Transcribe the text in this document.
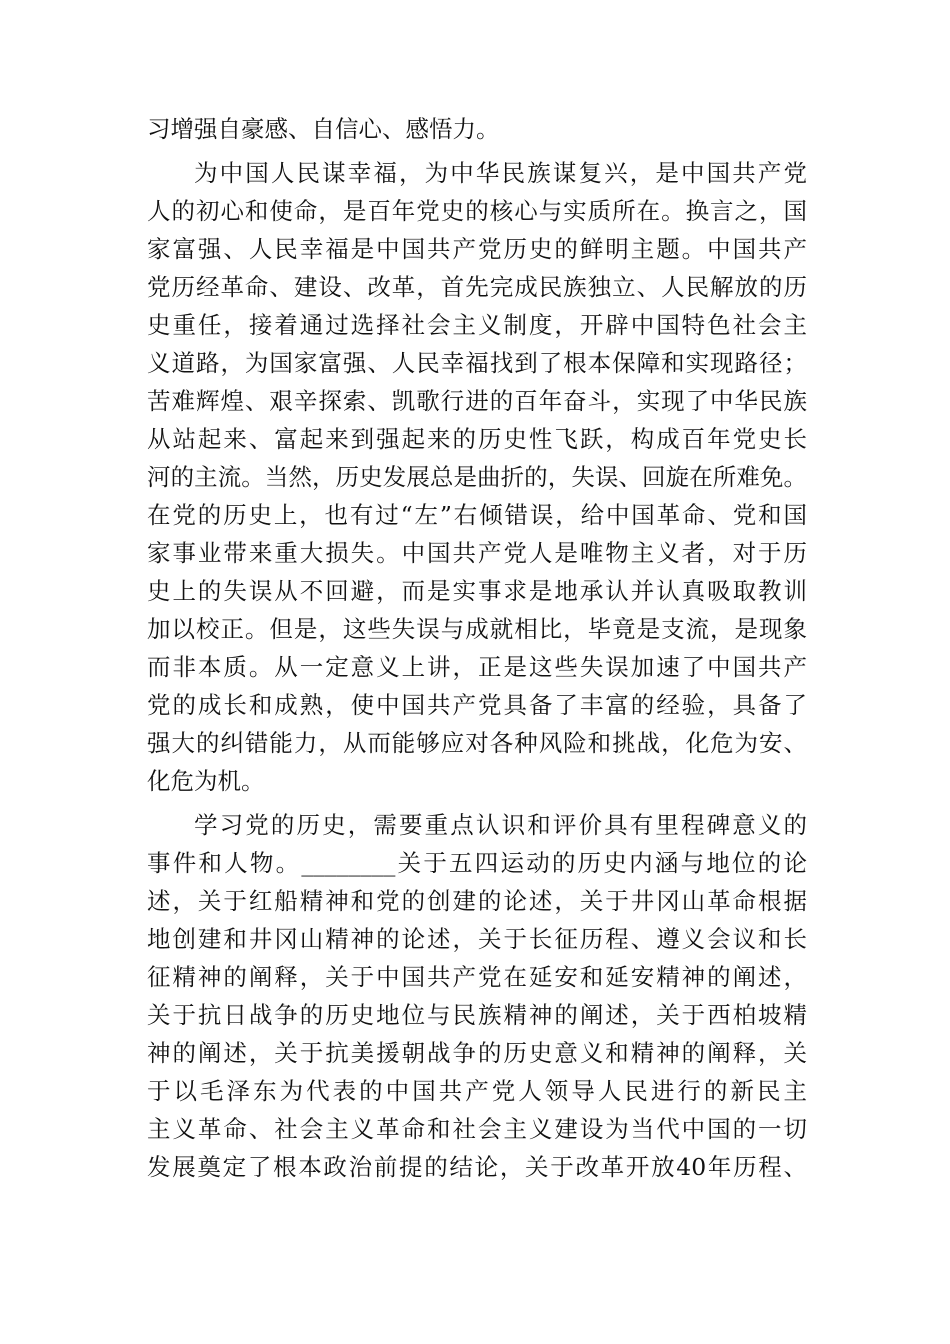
习增强自豪感、自信心、感悟力。
为中国人民谋幸福，为中华民族谋复兴，是中国共产党
人的初心和使命，是百年党史的核心与实质所在。换言之，国
家富强、人民幸福是中国共产党历史的鲜明主题。中国共产
党历经革命、建设、改革，首先完成民族独立、人民解放的历
史重任，接着通过选择社会主义制度，开辟中国特色社会主
义道路，为国家富强、人民幸福找到了根本保障和实现路径；
苦难辉煌、艰辛探索、凯歌行进的百年奋斗，实现了中华民族
从站起来、富起来到强起来的历史性飞跃，构成百年党史长
河的主流。当然，历史发展总是曲折的，失误、回旋在所难免。
在党的历史上，也有过“左”右倾错误，给中国革命、党和国
家事业带来重大损失。中国共产党人是唯物主义者，对于历
史上的失误从不回避，而是实事求是地承认并认真吸取教训
加以校正。但是，这些失误与成就相比，毕竟是支流，是现象
而非本质。从一定意义上讲，正是这些失误加速了中国共产
党的成长和成熟，使中国共产党具备了丰富的经验，具备了
强大的纠错能力，从而能够应对各种风险和挑战，化危为安、
化危为机。
学习党的历史，需要重点认识和评价具有里程碑意义的
事件和人物。________关于五四运动的历史内涵与地位的论
述，关于红船精神和党的创建的论述，关于井冈山革命根据
地创建和井冈山精神的论述，关于长征历程、遵义会议和长
征精神的阐释，关于中国共产党在延安和延安精神的阐述，
关于抗日战争的历史地位与民族精神的阐述，关于西柏坡精
神的阐述，关于抗美援朝战争的历史意义和精神的阐释，关
于以毛泽东为代表的中国共产党人领导人民进行的新民主
主义革命、社会主义革命和社会主义建设为当代中国的一切
发展奠定了根本政治前提的结论，关于改革开放40年历程、
